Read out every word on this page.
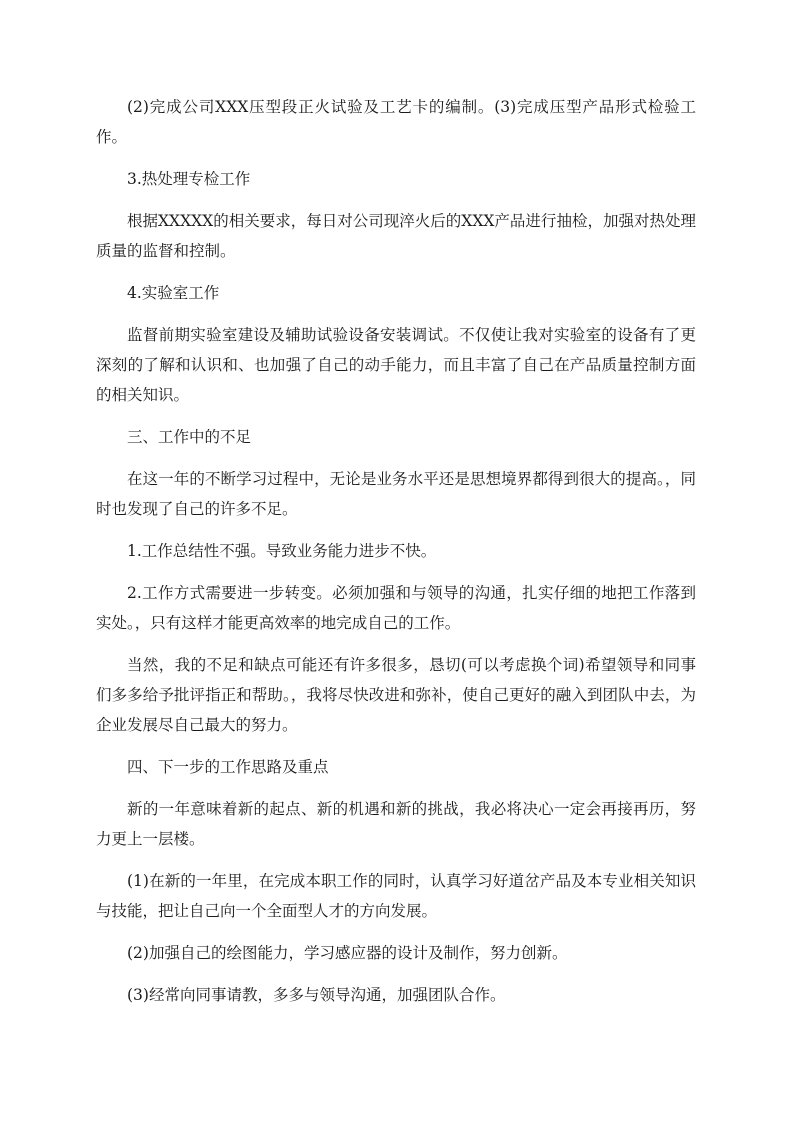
(2)完成公司XXX压型段正火试验及工艺卡的编制。(3)完成压型产品形式检验工作。

3.热处理专检工作

根据XXXXX的相关要求，每日对公司现淬火后的XXX产品进行抽检，加强对热处理质量的监督和控制。

4.实验室工作

监督前期实验室建设及辅助试验设备安装调试。不仅使让我对实验室的设备有了更深刻的了解和认识和、也加强了自己的动手能力，而且丰富了自己在产品质量控制方面的相关知识。

三、工作中的不足

在这一年的不断学习过程中，无论是业务水平还是思想境界都得到很大的提高。，同时也发现了自己的许多不足。

1.工作总结性不强。导致业务能力进步不快。

2.工作方式需要进一步转变。必须加强和与领导的沟通，扎实仔细的地把工作落到实处。，只有这样才能更高效率的地完成自己的工作。

当然，我的不足和缺点可能还有许多很多，恳切(可以考虑换个词)希望领导和同事们多多给予批评指正和帮助。，我将尽快改进和弥补，使自己更好的融入到团队中去，为企业发展尽自己最大的努力。

四、下一步的工作思路及重点

新的一年意味着新的起点、新的机遇和新的挑战，我必将决心一定会再接再历，努力更上一层楼。

(1)在新的一年里，在完成本职工作的同时，认真学习好道岔产品及本专业相关知识与技能，把让自己向一个全面型人才的方向发展。

(2)加强自己的绘图能力，学习感应器的设计及制作，努力创新。

(3)经常向同事请教，多多与领导沟通，加强团队合作。
